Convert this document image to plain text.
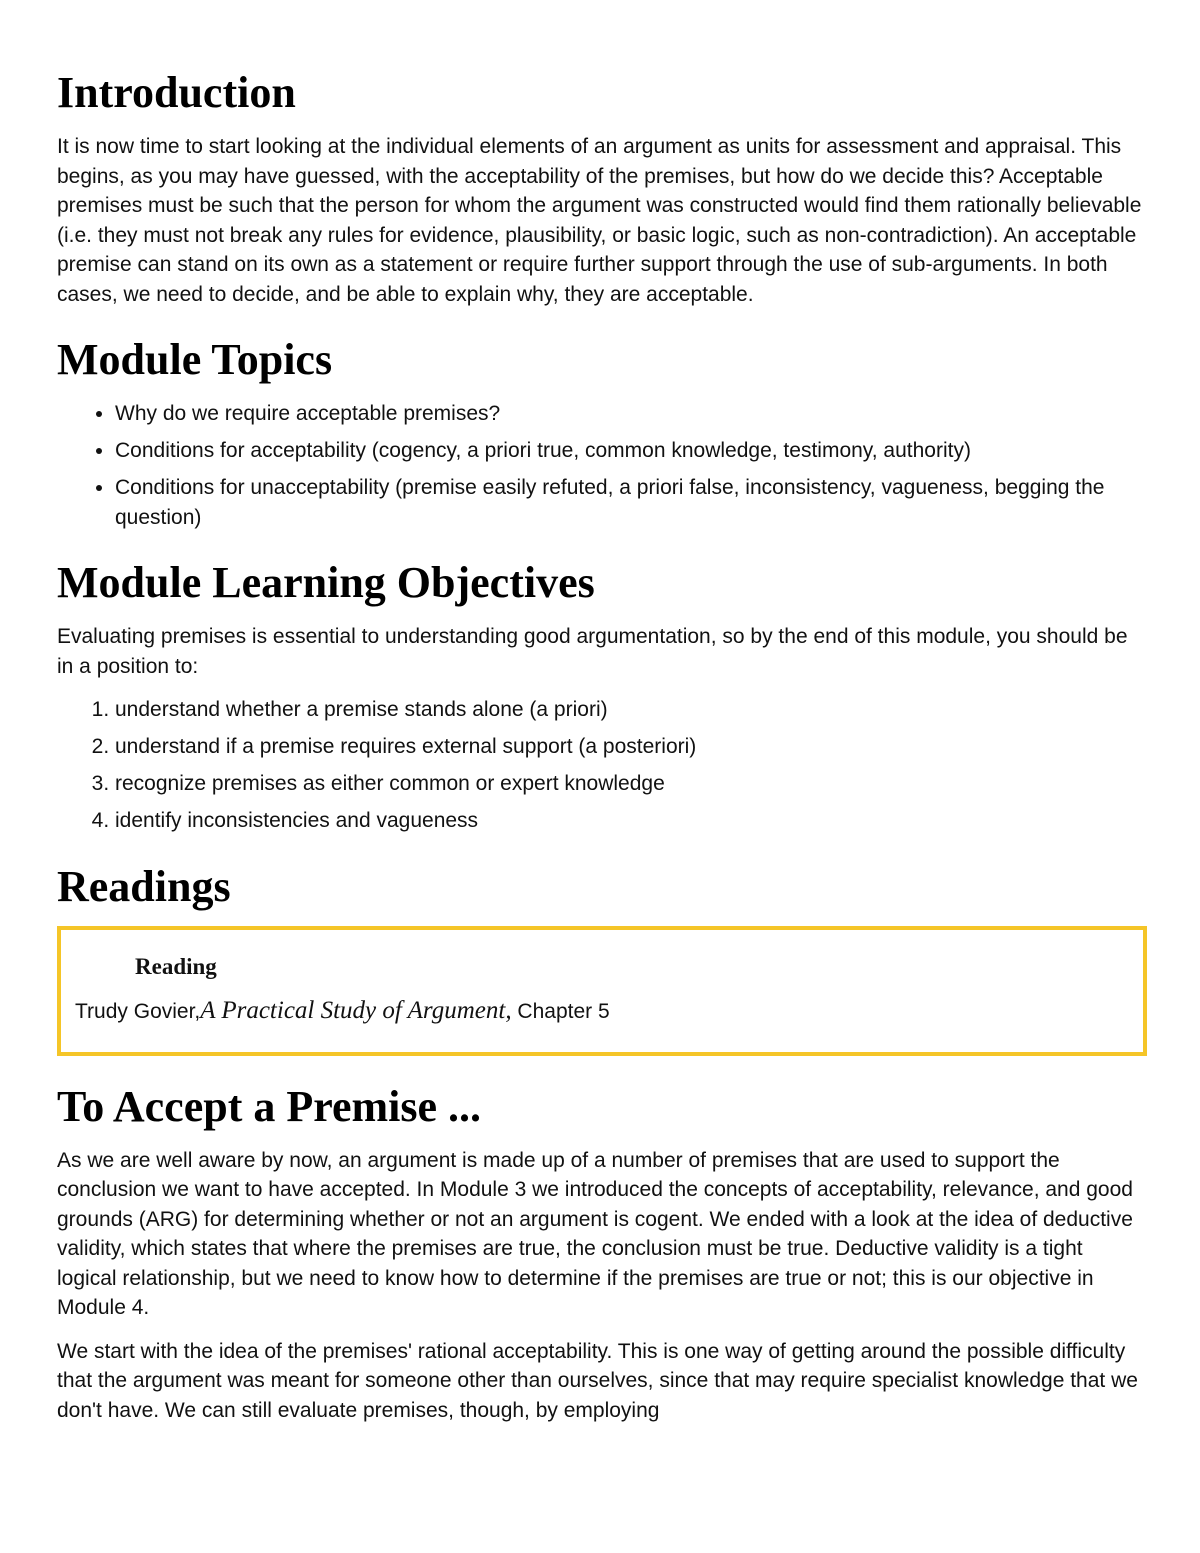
Introduction

It is now time to start looking at the individual elements of an argument as units for assessment and appraisal. This begins, as you may have guessed, with the acceptability of the premises, but how do we decide this? Acceptable premises must be such that the person for whom the argument was constructed would find them rationally believable (i.e. they must not break any rules for evidence, plausibility, or basic logic, such as non-contradiction). An acceptable premise can stand on its own as a statement or require further support through the use of sub-arguments. In both cases, we need to decide, and be able to explain why, they are acceptable.

Module Topics
• Why do we require acceptable premises?
• Conditions for acceptability (cogency, a priori true, common knowledge, testimony, authority)
• Conditions for unacceptability (premise easily refuted, a priori false, inconsistency, vagueness, begging the question)
Module Learning Objectives

Evaluating premises is essential to understanding good argumentation, so by the end of this module, you should be in a position to:

1. understand whether a premise stands alone (a priori)
2. understand if a premise requires external support (a posteriori)
3. recognize premises as either common or expert knowledge
4. identify inconsistencies and vagueness
Readings
Reading

Trudy Govier,A Practical Study of Argument, Chapter 5

To Accept a Premise ...

As we are well aware by now, an argument is made up of a number of premises that are used to support the conclusion we want to have accepted. In Module 3 we introduced the concepts of acceptability, relevance, and good grounds (ARG) for determining whether or not an argument is cogent. We ended with a look at the idea of deductive validity, which states that where the premises are true, the conclusion must be true. Deductive validity is a tight logical relationship, but we need to know how to determine if the premises are true or not; this is our objective in Module 4.

We start with the idea of the premises' rational acceptability. This is one way of getting around the possible difficulty that the argument was meant for someone other than ourselves, since that may require specialist knowledge that we don't have. We can still evaluate premises, though, by employing
